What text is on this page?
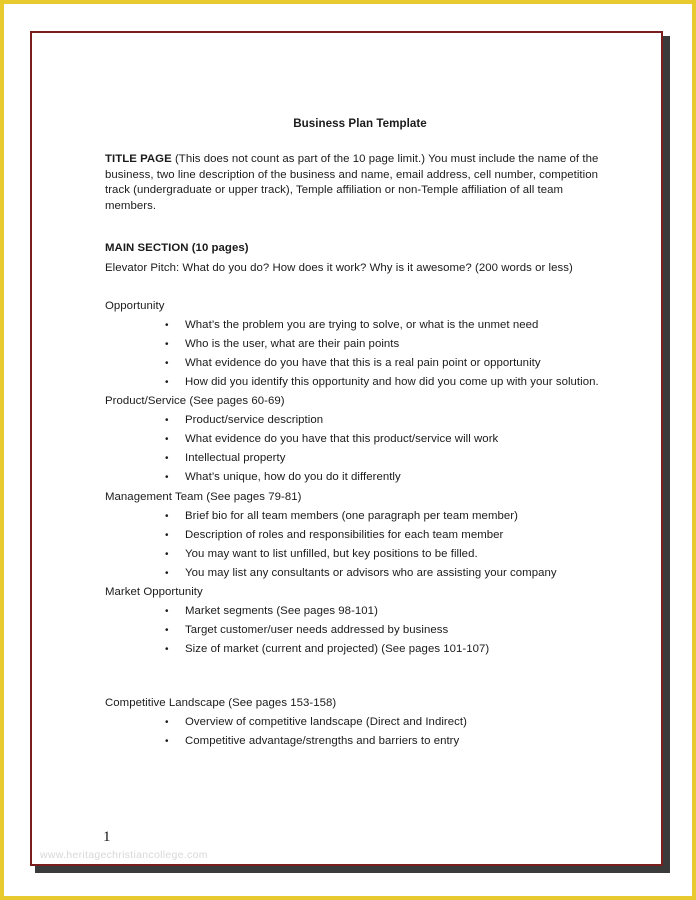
Business Plan Template
TITLE PAGE (This does not count as part of the 10 page limit.) You must include the name of the business, two line description of the business and name, email address, cell number, competition track (undergraduate or upper track), Temple affiliation or non-Temple affiliation of all team members.
MAIN SECTION (10 pages)
Elevator Pitch: What do you do? How does it work? Why is it awesome? (200 words or less)
Opportunity
• What’s the problem you are trying to solve, or what is the unmet need
• Who is the user, what are their pain points
• What evidence do you have that this is a real pain point or opportunity
• How did you identify this opportunity and how did you come up with your solution.
Product/Service (See pages 60-69)
• Product/service description
• What evidence do you have that this product/service will work
• Intellectual property
• What’s unique, how do you do it differently
Management Team (See pages 79-81)
• Brief bio for all team members (one paragraph per team member)
• Description of roles and responsibilities for each team member
• You may want to list unfilled, but key positions to be filled.
• You may list any consultants or advisors who are assisting your company
Market Opportunity
• Market segments (See pages 98-101)
• Target customer/user needs addressed by business
• Size of market (current and projected) (See pages 101-107)
Competitive Landscape (See pages 153-158)
• Overview of competitive landscape (Direct and Indirect)
• Competitive advantage/strengths and barriers to entry
1
www.heritagechristiancollege.com
